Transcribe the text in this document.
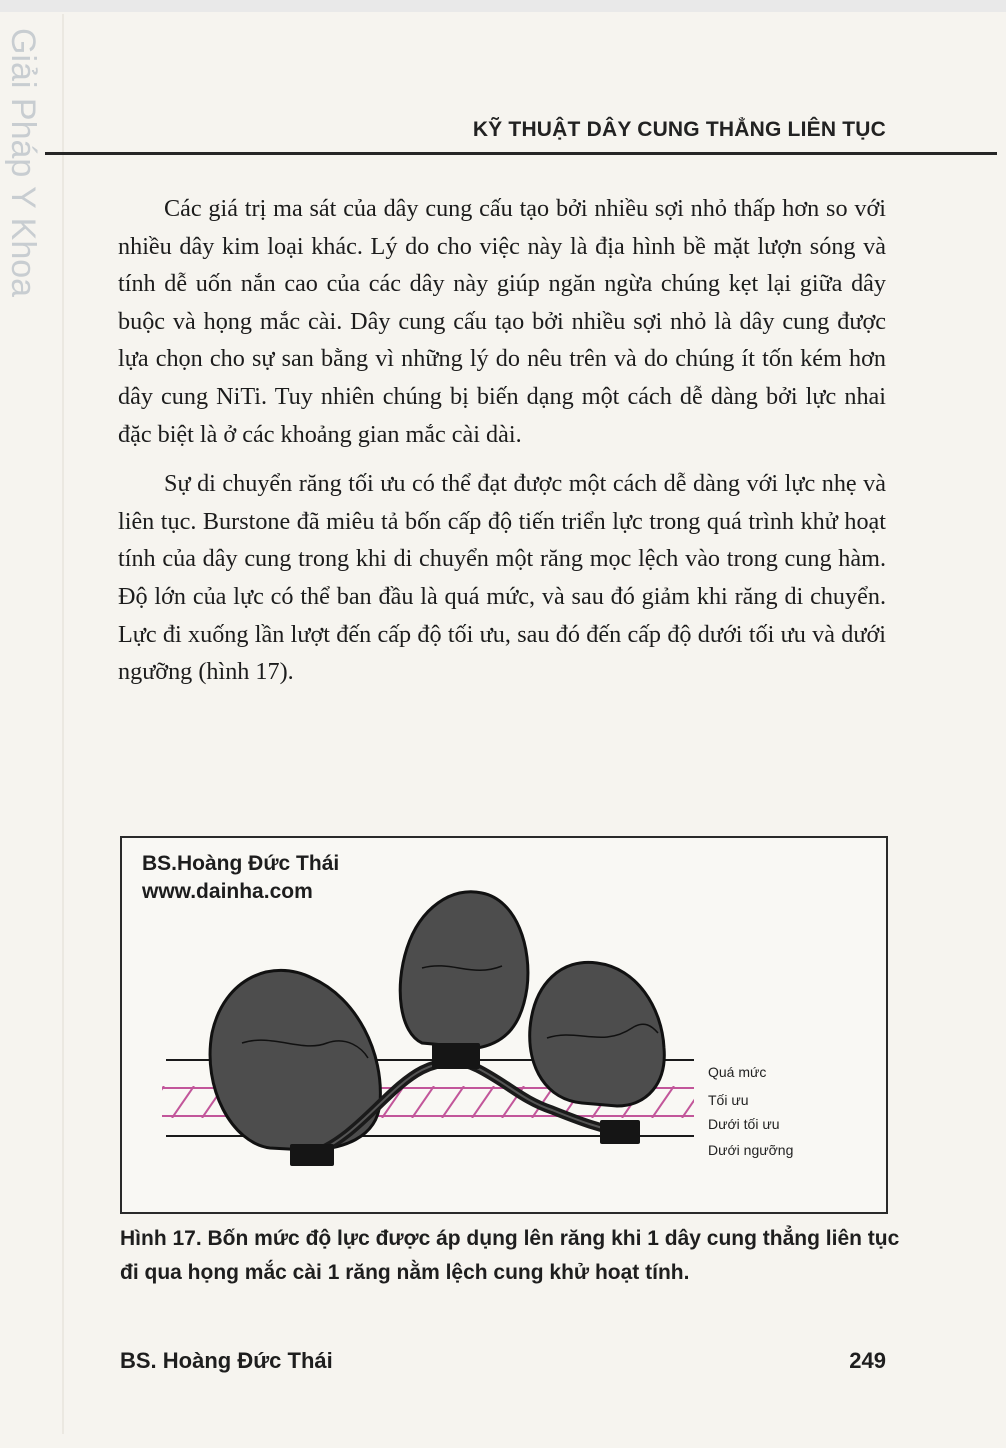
Giải Pháp Y Khoa	KỸ THUẬT DÂY CUNG THẲNG LIÊN TỤC

Các giá trị ma sát của dây cung cấu tạo bởi nhiều sợi nhỏ thấp hơn so với nhiều dây kim loại khác. Lý do cho việc này là địa hình bề mặt lượn sóng và tính dễ uốn nắn cao của các dây này giúp ngăn ngừa chúng kẹt lại giữa dây buộc và họng mắc cài. Dây cung cấu tạo bởi nhiều sợi nhỏ là dây cung được lựa chọn cho sự san bằng vì những lý do nêu trên và do chúng ít tốn kém hơn dây cung NiTi. Tuy nhiên chúng bị biến dạng một cách dễ dàng bởi lực nhai đặc biệt là ở các khoảng gian mắc cài dài.

Sự di chuyển răng tối ưu có thể đạt được một cách dễ dàng với lực nhẹ và liên tục. Burstone đã miêu tả bốn cấp độ tiến triển lực trong quá trình khử hoạt tính của dây cung trong khi di chuyển một răng mọc lệch vào trong cung hàm. Độ lớn của lực có thể ban đầu là quá mức, và sau đó giảm khi răng di chuyển. Lực đi xuống lần lượt đến cấp độ tối ưu, sau đó đến cấp độ dưới tối ưu và dưới ngưỡng (hình 17).

BS.Hoàng Đức Thái
www.dainha.com
Quá mức
Tối ưu
Dưới tối ưu
Dưới ngưỡng
Hình 17. Bốn mức độ lực được áp dụng lên răng khi 1 dây cung thẳng liên tục đi qua họng mắc cài 1 răng nằm lệch cung khử hoạt tính.
BS. Hoàng Đức Thái	249
